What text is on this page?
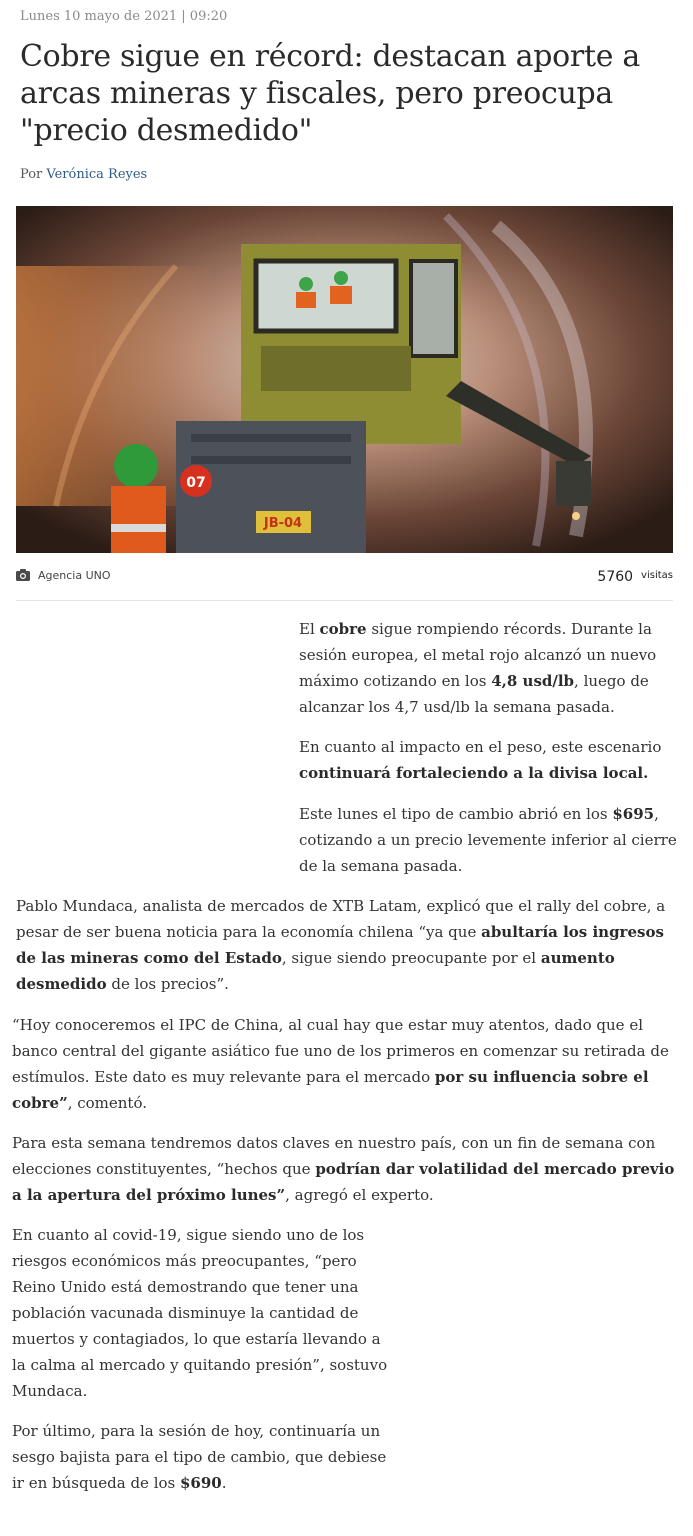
Lunes 10 mayo de 2021 | 09:20
Cobre sigue en récord: destacan aporte a arcas mineras y fiscales, pero preocupa "precio desmedido"
Por Verónica Reyes
07
JB-04
Agencia UNO	5760 visitas

El cobre sigue rompiendo récords. Durante la sesión europea, el metal rojo alcanzó un nuevo máximo cotizando en los 4,8 usd/lb, luego de alcanzar los 4,7 usd/lb la semana pasada.

En cuanto al impacto en el peso, este escenario continuará fortaleciendo a la divisa local.

Este lunes el tipo de cambio abrió en los $695, cotizando a un precio levemente inferior al cierre de la semana pasada.

Pablo Mundaca, analista de mercados de XTB Latam, explicó que el rally del cobre, a pesar de ser buena noticia para la economía chilena “ya que abultaría los ingresos de las mineras como del Estado, sigue siendo preocupante por el aumento desmedido de los precios”.

“Hoy conoceremos el IPC de China, al cual hay que estar muy atentos, dado que el banco central del gigante asiático fue uno de los primeros en comenzar su retirada de estímulos. Este dato es muy relevante para el mercado por su influencia sobre el cobre”, comentó.

Para esta semana tendremos datos claves en nuestro país, con un fin de semana con elecciones constituyentes, “hechos que podrían dar volatilidad del mercado previo a la apertura del próximo lunes”, agregó el experto.

En cuanto al covid-19, sigue siendo uno de los riesgos económicos más preocupantes, “pero Reino Unido está demostrando que tener una población vacunada disminuye la cantidad de muertos y contagiados, lo que estaría llevando a la calma al mercado y quitando presión”, sostuvo Mundaca.

Por último, para la sesión de hoy, continuaría un sesgo bajista para el tipo de cambio, que debiese ir en búsqueda de los $690.
